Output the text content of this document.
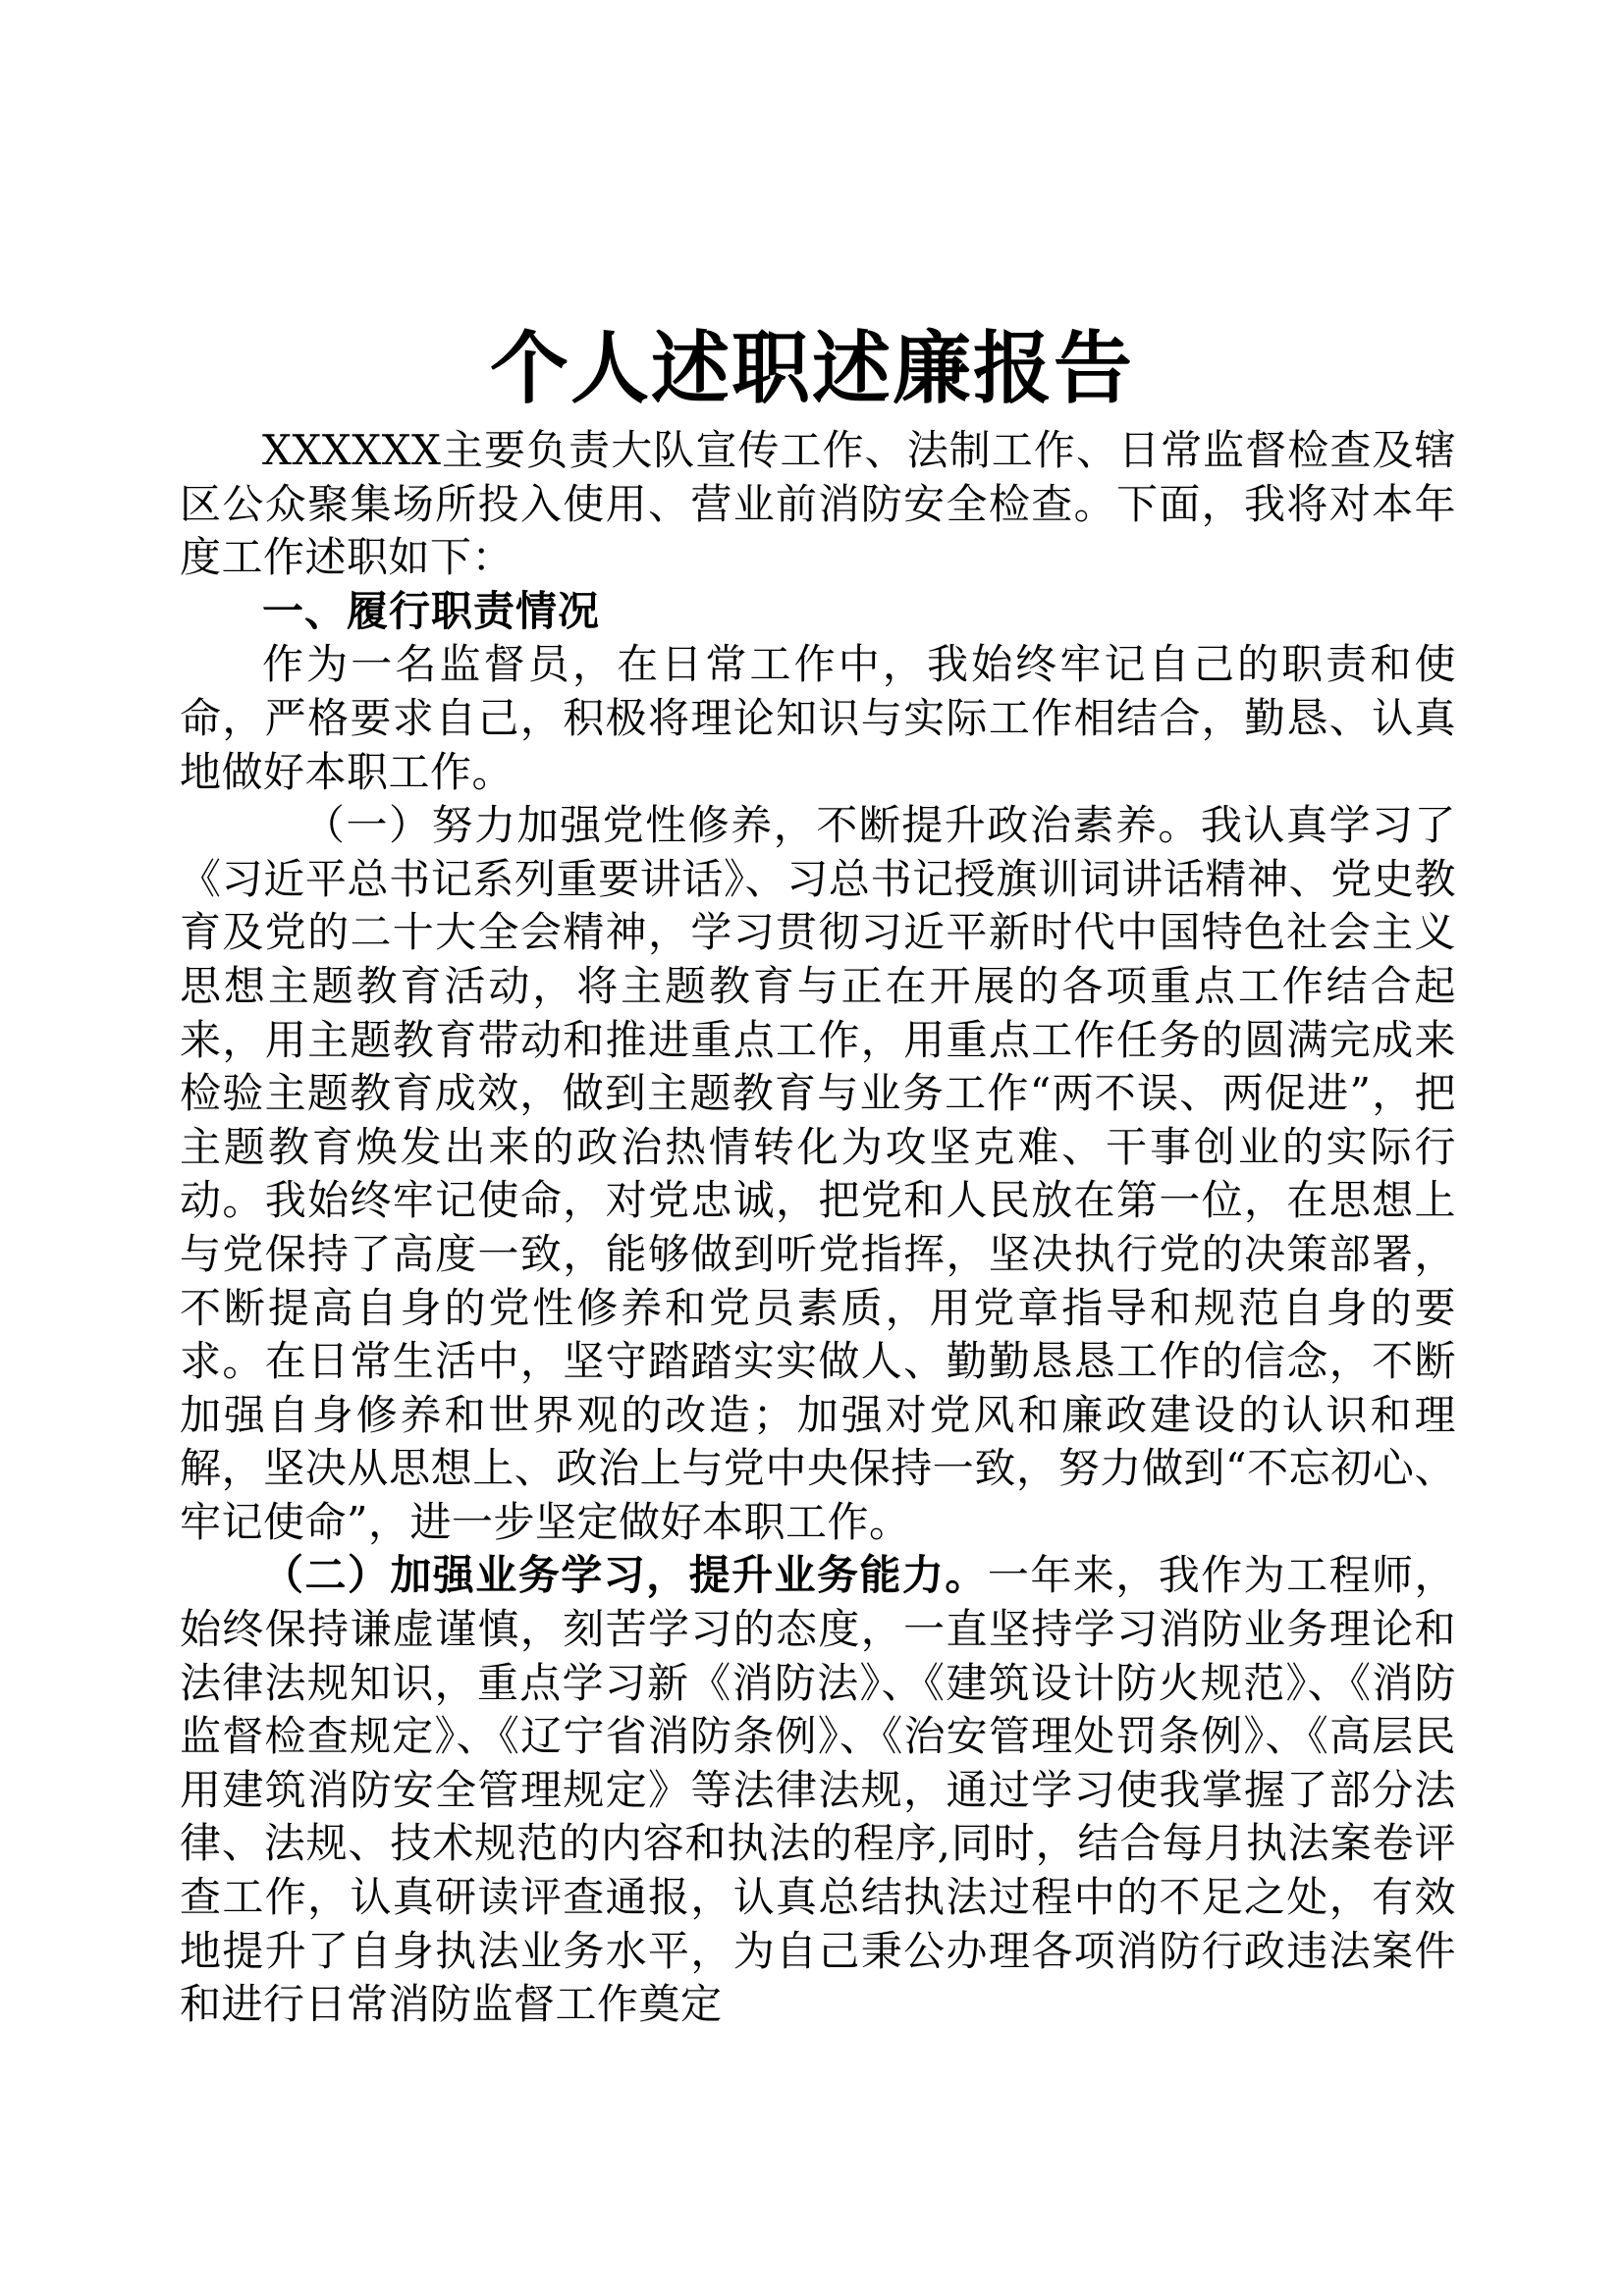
个人述职述廉报告

XXXXXX主要负责大队宣传工作、法制工作、日常监督检查及辖区公众聚集场所投入使用、营业前消防安全检查。下面，我将对本年度工作述职如下：

一、履行职责情况

作为一名监督员，在日常工作中，我始终牢记自己的职责和使命，严格要求自己，积极将理论知识与实际工作相结合，勤恳、认真地做好本职工作。

（一）努力加强党性修养，不断提升政治素养。我认真学习了《习近平总书记系列重要讲话》、习总书记授旗训词讲话精神、党史教育及党的二十大全会精神，学习贯彻习近平新时代中国特色社会主义思想主题教育活动，将主题教育与正在开展的各项重点工作结合起来，用主题教育带动和推进重点工作，用重点工作任务的圆满完成来检验主题教育成效，做到主题教育与业务工作“两不误、两促进”，把主题教育焕发出来的政治热情转化为攻坚克难、干事创业的实际行动。我始终牢记使命，对党忠诚，把党和人民放在第一位，在思想上与党保持了高度一致，能够做到听党指挥，坚决执行党的决策部署，不断提高自身的党性修养和党员素质，用党章指导和规范自身的要求。在日常生活中，坚守踏踏实实做人、勤勤恳恳工作的信念，不断加强自身修养和世界观的改造；加强对党风和廉政建设的认识和理解，坚决从思想上、政治上与党中央保持一致，努力做到“不忘初心、牢记使命”，进一步坚定做好本职工作。

（二）加强业务学习，提升业务能力。一年来，我作为工程师，始终保持谦虚谨慎，刻苦学习的态度，一直坚持学习消防业务理论和法律法规知识，重点学习新《消防法》、《建筑设计防火规范》、《消防监督检查规定》、《辽宁省消防条例》、《治安管理处罚条例》、《高层民用建筑消防安全管理规定》等法律法规，通过学习使我掌握了部分法律、法规、技术规范的内容和执法的程序,同时，结合每月执法案卷评查工作，认真研读评查通报，认真总结执法过程中的不足之处，有效地提升了自身执法业务水平，为自己秉公办理各项消防行政违法案件和进行日常消防监督工作奠定
